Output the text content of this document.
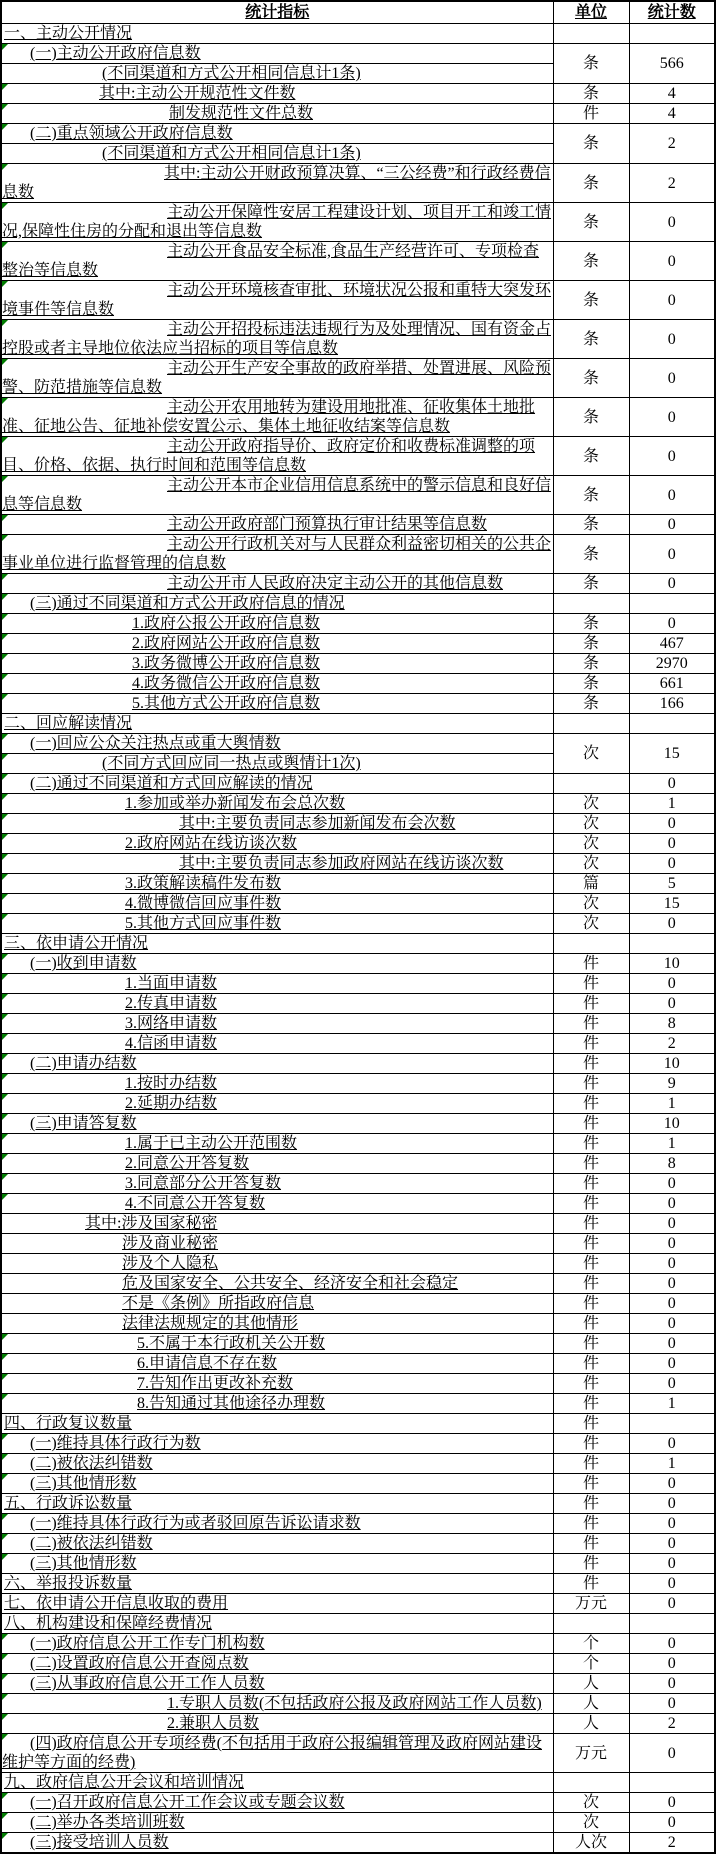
统计指标	单位	统计数
一、主动公开情况		
(一)主动公开政府信息数	条	566
(不同渠道和方式公开相同信息计1条)		
其中:主动公开规范性文件数	条	4
制发规范性文件总数	件	4
(二)重点领域公开政府信息数	条	2
(不同渠道和方式公开相同信息计1条)		
其中:主动公开财政预算决算、“三公经费”和行政经费信息数	条	2
主动公开保障性安居工程建设计划、项目开工和竣工情况,保障性住房的分配和退出等信息数	条	0
主动公开食品安全标准,食品生产经营许可、专项检查整治等信息数	条	0
主动公开环境核查审批、环境状况公报和重特大突发环境事件等信息数	条	0
主动公开招投标违法违规行为及处理情况、国有资金占控股或者主导地位依法应当招标的项目等信息数	条	0
主动公开生产安全事故的政府举措、处置进展、风险预警、防范措施等信息数	条	0
主动公开农用地转为建设用地批准、征收集体土地批准、征地公告、征地补偿安置公示、集体土地征收结案等信息数	条	0
主动公开政府指导价、政府定价和收费标准调整的项目、价格、依据、执行时间和范围等信息数	条	0
主动公开本市企业信用信息系统中的警示信息和良好信息等信息数	条	0
主动公开政府部门预算执行审计结果等信息数	条	0
主动公开行政机关对与人民群众利益密切相关的公共企事业单位进行监督管理的信息数	条	0
主动公开市人民政府决定主动公开的其他信息数	条	0
(三)通过不同渠道和方式公开政府信息的情况

1.政府公报公开政府信息数	条	0
2.政府网站公开政府信息数	条	467
3.政务微博公开政府信息数	条	2970
4.政务微信公开政府信息数	条	661
5.其他方式公开政府信息数	条	166
二、回应解读情况		
(一)回应公众关注热点或重大舆情数	次	15
(不同方式回应同一热点或舆情计1次)		

(二)通过不同渠道和方式回应解读的情况		0
1.参加或举办新闻发布会总次数	次	1
其中:主要负责同志参加新闻发布会次数	次	0
2.政府网站在线访谈次数	次	0
其中:主要负责同志参加政府网站在线访谈次数	次	0
3.政策解读稿件发布数	篇	5
4.微博微信回应事件数	次	15
5.其他方式回应事件数	次	0
三、依申请公开情况		
(一)收到申请数	件	10
1.当面申请数	件	0
2.传真申请数	件	0
3.网络申请数	件	8
4.信函申请数	件	2
(二)申请办结数	件	10
1.按时办结数	件	9
2.延期办结数	件	1
(三)申请答复数	件	10
1.属于已主动公开范围数	件	1
2.同意公开答复数	件	8
3.同意部分公开答复数	件	0
4.不同意公开答复数	件	0
其中:涉及国家秘密	件	0
涉及商业秘密	件	0
涉及个人隐私	件	0
危及国家安全、公共安全、经济安全和社会稳定	件	0
不是《条例》所指政府信息	件	0
法律法规规定的其他情形	件	0
5.不属于本行政机关公开数	件	0
6.申请信息不存在数	件	0
7.告知作出更改补充数	件	0
8.告知通过其他途径办理数	件	1
四、行政复议数量	件	
(一)维持具体行政行为数	件	0
(二)被依法纠错数	件	1
(三)其他情形数	件	0
五、行政诉讼数量	件	0
(一)维持具体行政行为或者驳回原告诉讼请求数	件	0
(二)被依法纠错数	件	0
(三)其他情形数	件	0
六、举报投诉数量	件	0
七、依申请公开信息收取的费用	万元	0
八、机构建设和保障经费情况		
(一)政府信息公开工作专门机构数	个	0
(二)设置政府信息公开查阅点数	个	0
(三)从事政府信息公开工作人员数	人	0
1.专职人员数(不包括政府公报及政府网站工作人员数)	人	0
2.兼职人员数	人	2
(四)政府信息公开专项经费(不包括用于政府公报编辑管理及政府网站建设维护等方面的经费)	万元	0
九、政府信息公开会议和培训情况		
(一)召开政府信息公开工作会议或专题会议数	次	0
(二)举办各类培训班数	次	0
(三)接受培训人员数	人次	2
